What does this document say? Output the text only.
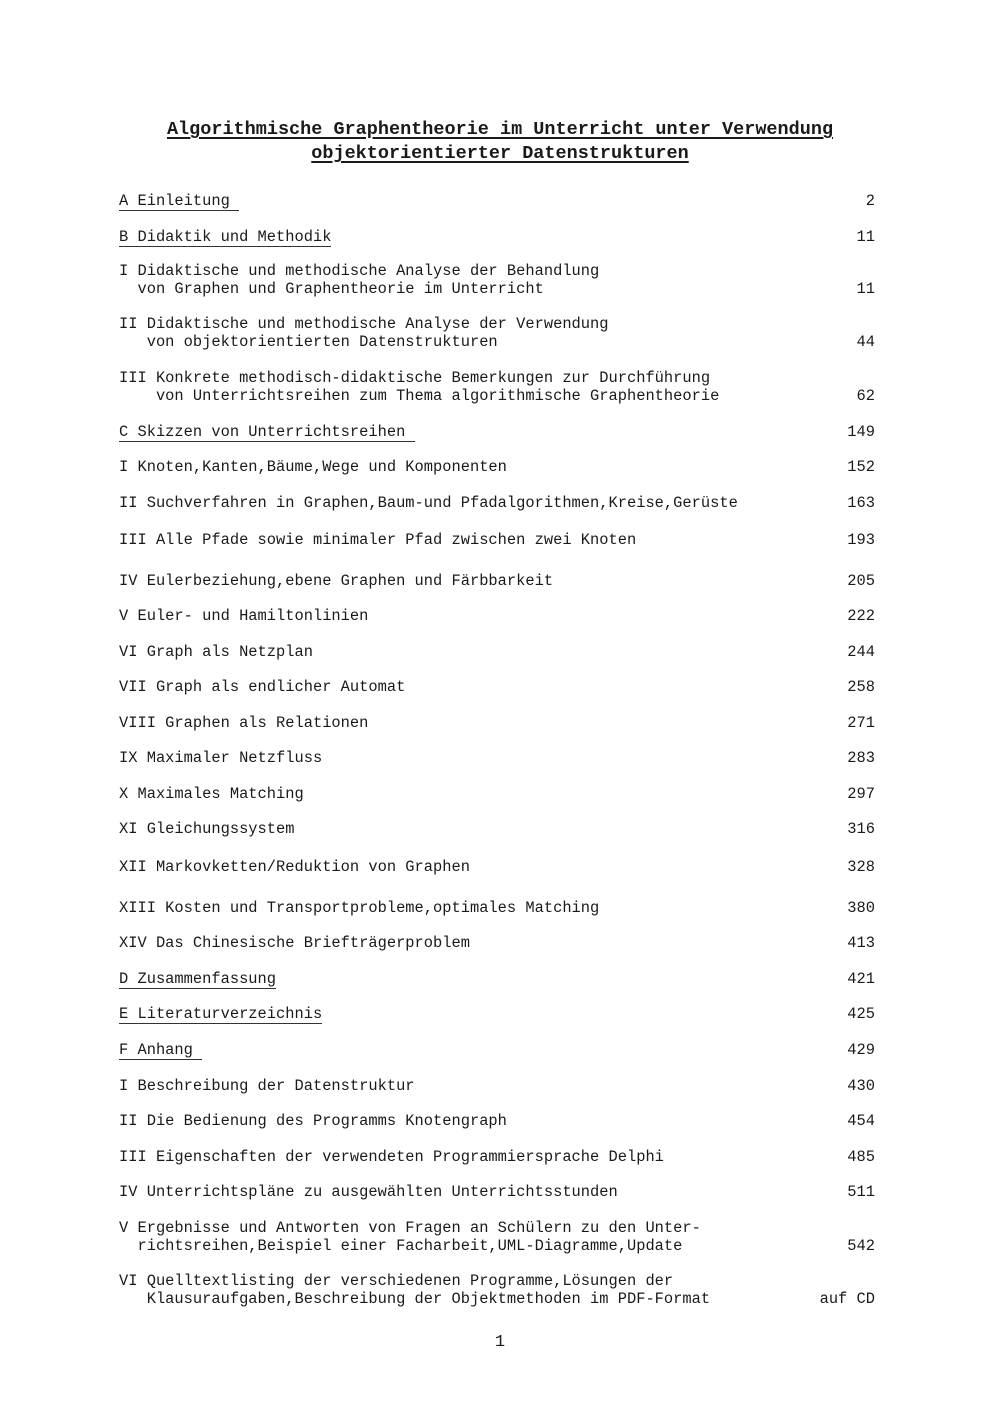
Algorithmische Graphentheorie im Unterricht unter Verwendung
objektorientierter Datenstrukturen
A Einleitung	2
B Didaktik und Methodik	11
I Didaktische und methodische Analyse der Behandlung
von Graphen und Graphentheorie im Unterricht	11
II Didaktische und methodische Analyse der Verwendung
von objektorientierten Datenstrukturen	44
III Konkrete methodisch-didaktische Bemerkungen zur Durchführung
von Unterrichtsreihen zum Thema algorithmische Graphentheorie	62
C Skizzen von Unterrichtsreihen	149
I Knoten,Kanten,Bäume,Wege und Komponenten	152
II Suchverfahren in Graphen,Baum-und Pfadalgorithmen,Kreise,Gerüste	163
III Alle Pfade sowie minimaler Pfad zwischen zwei Knoten	193
IV Eulerbeziehung,ebene Graphen und Färbbarkeit	205
V Euler- und Hamiltonlinien	222
VI Graph als Netzplan	244
VII Graph als endlicher Automat	258
VIII Graphen als Relationen	271
IX Maximaler Netzfluss	283
X Maximales Matching	297
XI Gleichungssystem	316
XII Markovketten/Reduktion von Graphen	328
XIII Kosten und Transportprobleme,optimales Matching	380
XIV Das Chinesische Briefträgerproblem	413
D Zusammenfassung	421
E Literaturverzeichnis	425
F Anhang	429
I Beschreibung der Datenstruktur	430
II Die Bedienung des Programms Knotengraph	454
III Eigenschaften der verwendeten Programmiersprache Delphi	485
IV Unterrichtspläne zu ausgewählten Unterrichtsstunden	511
V Ergebnisse und Antworten von Fragen an Schülern zu den Unter-
richtsreihen,Beispiel einer Facharbeit,UML-Diagramme,Update	542
VI Quelltextlisting der verschiedenen Programme,Lösungen der
Klausuraufgaben,Beschreibung der Objektmethoden im PDF-Format	auf CD
1
